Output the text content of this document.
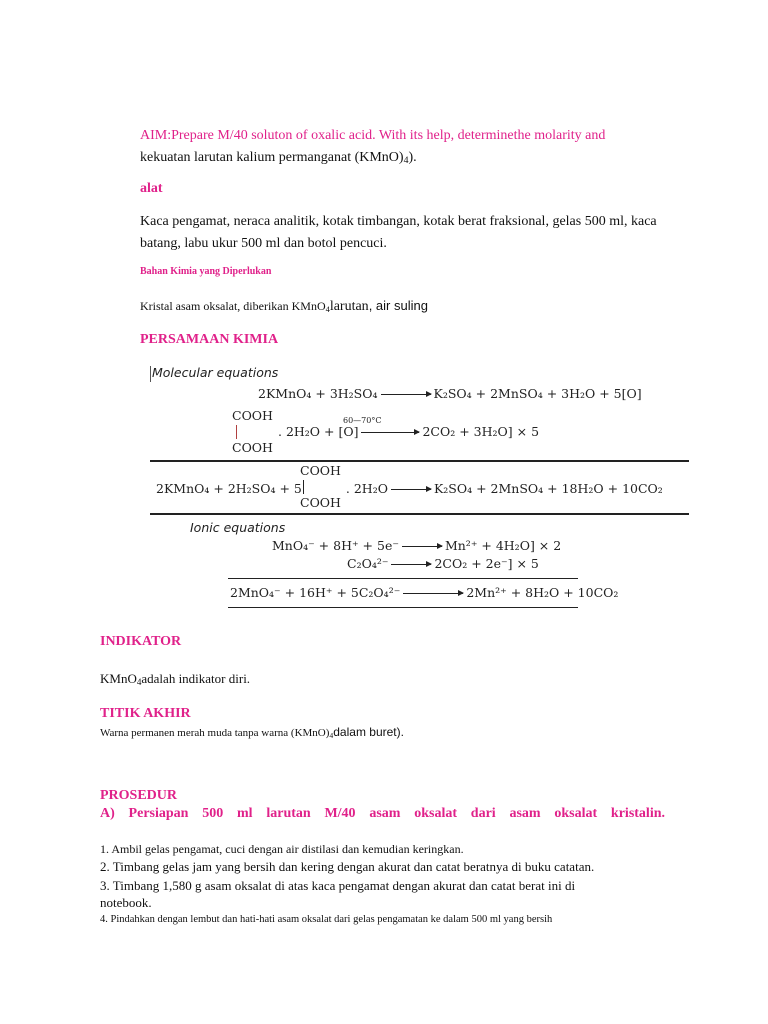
AIM:Prepare M/40 soluton of oxalic acid. With its help, determinethe molarity and
kekuatan larutan kalium permanganat $(KMnO)_4$).
alat
Kaca pengamat, neraca analitik, kotak timbangan, kotak berat fraksional, gelas 500 ml, kaca
batang, labu ukur 500 ml dan botol pencuci.
Bahan Kimia yang Diperlukan
Kristal asam oksalat, diberikan KMnO$_4$larutan, air suling
PERSAMAAN KIMIA
Molecular equations
2KMnO₄ + 3H₂SO₄ → K₂SO₄ + 2MnSO₄ + 3H₂O + 5[O]
COOH
COOH
. 2H₂O + [O]	2CO₂ + 3H₂O] × 5
60—70°C
COOH
COOH
2KMnO₄ + 2H₂SO₄ + 5	. 2H₂O → K₂SO₄ + 2MnSO₄ + 18H₂O + 10CO₂
Ionic equations
MnO₄⁻ + 8H⁺ + 5e⁻ → Mn²⁺ + 4H₂O] × 2
C₂O₄²⁻ → 2CO₂ + 2e⁻] × 5
2MnO₄⁻ + 16H⁺ + 5C₂O₄²⁻	2Mn²⁺ + 8H₂O + 10CO₂
INDIKATOR
KMnO$_4$adalah indikator diri.
TITIK AKHIR
Warna permanen merah muda tanpa warna $(KMnO)_4dalam$ buret).
PROSEDUR
A) Persiapan 500 ml larutan M/40 asam oksalat dari asam oksalat kristalin.
1. Ambil gelas pengamat, cuci dengan air distilasi dan kemudian keringkan.
2. Timbang gelas jam yang bersih dan kering dengan akurat dan catat beratnya di buku catatan.
3. Timbang 1,580 g asam oksalat di atas kaca pengamat dengan akurat dan catat berat ini di
notebook.
4. Pindahkan dengan lembut dan hati-hati asam oksalat dari gelas pengamatan ke dalam 500 ml yang bersih
